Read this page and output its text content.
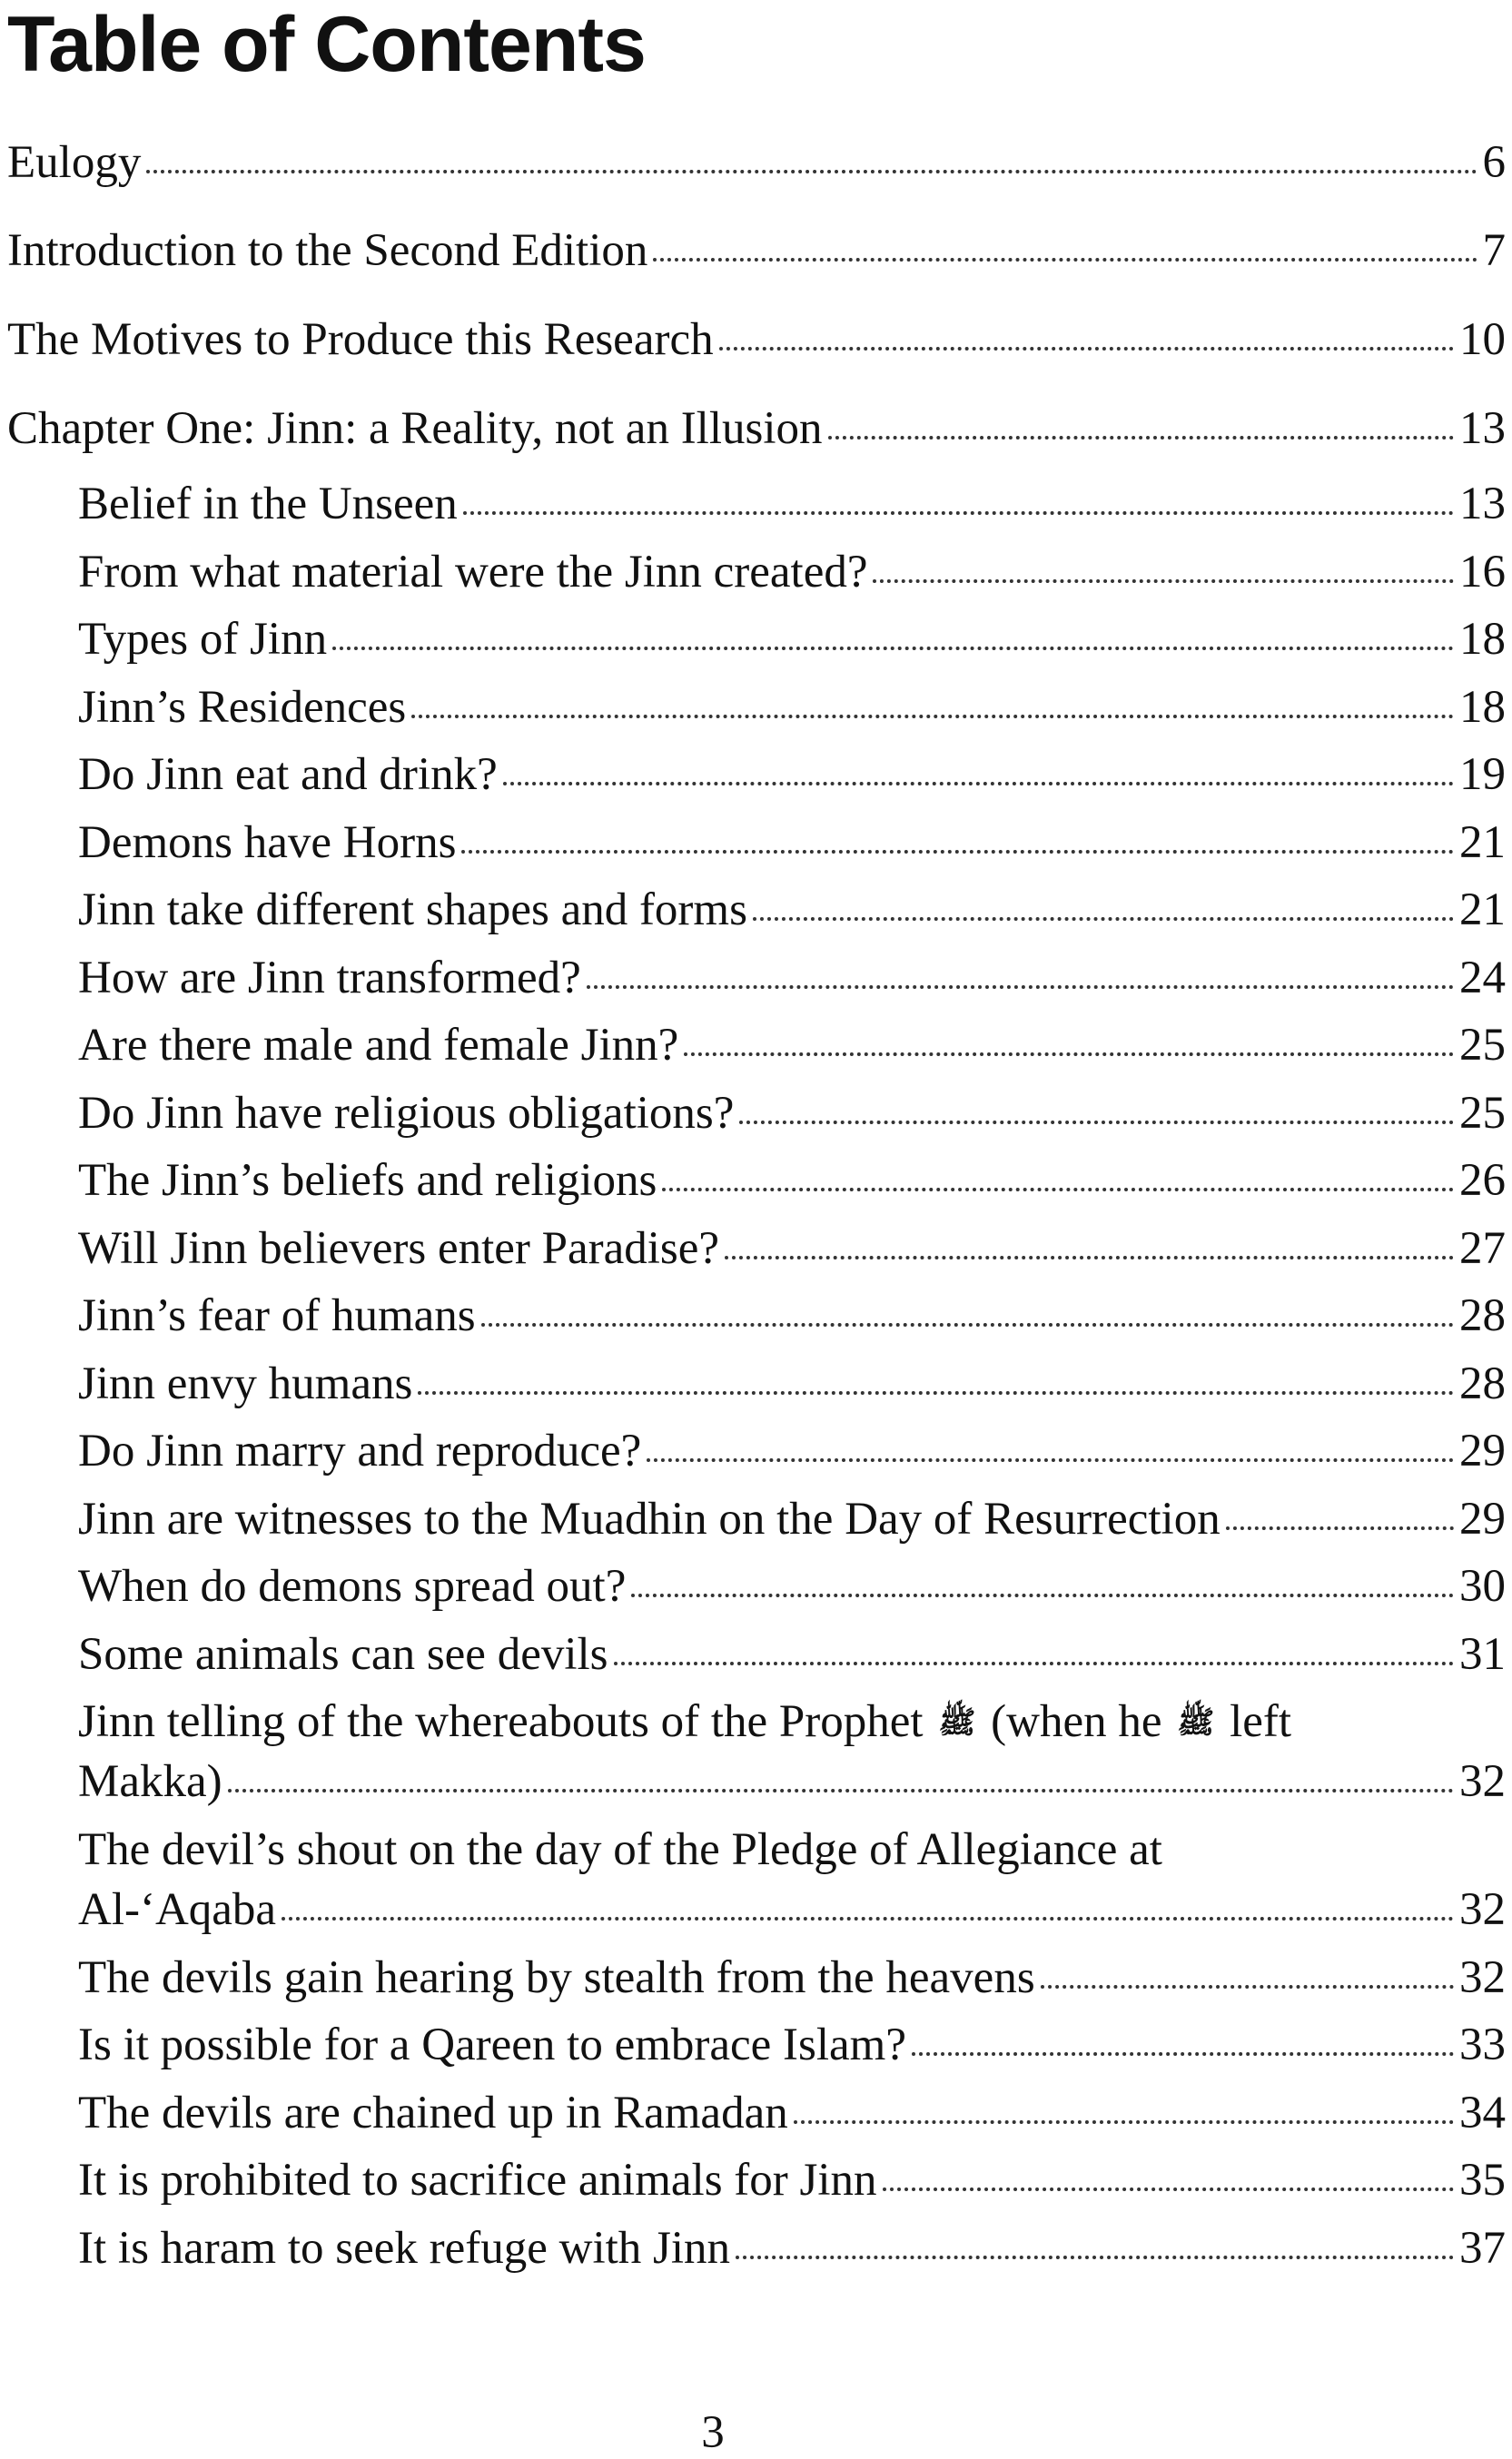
Table of Contents
Eulogy	6
Introduction to the Second Edition	7
The Motives to Produce this Research	10
Chapter One: Jinn: a Reality, not an Illusion	13
Belief in the Unseen	13
From what material were the Jinn created?	16
Types of Jinn	18
Jinn’s Residences	18
Do Jinn eat and drink?	19
Demons have Horns	21
Jinn take different shapes and forms	21
How are Jinn transformed?	24
Are there male and female Jinn?	25
Do Jinn have religious obligations?	25
The Jinn’s beliefs and religions	26
Will Jinn believers enter Paradise?	27
Jinn’s fear of humans	28
Jinn envy humans	28
Do Jinn marry and reproduce?	29
Jinn are witnesses to the Muadhin on the Day of Resurrection	29
When do demons spread out?	30
Some animals can see devils	31
Jinn telling of the whereabouts of the Prophet ﷺ (when he ﷺ left
Makka)	32
The devil’s shout on the day of the Pledge of Allegiance at
Al-‘Aqaba	32
The devils gain hearing by stealth from the heavens	32
Is it possible for a Qareen to embrace Islam?	33
The devils are chained up in Ramadan	34
It is prohibited to sacrifice animals for Jinn	35
It is haram to seek refuge with Jinn	37
3
